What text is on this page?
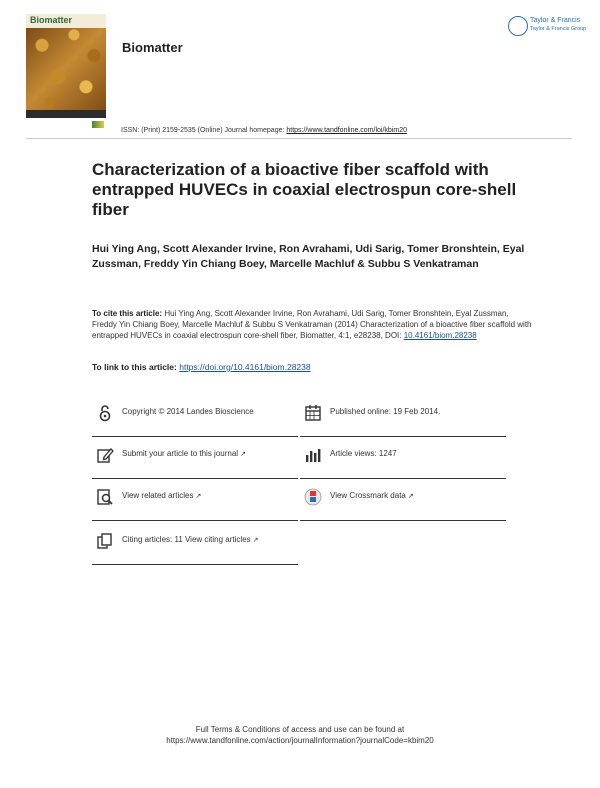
Biomatter
Biomatter
Taylor & Francis
Taylor & Francis Group
ISSN: (Print) 2159-2535 (Online) Journal homepage: https://www.tandfonline.com/loi/kbim20
Characterization of a bioactive fiber scaffold with entrapped HUVECs in coaxial electrospun core-shell fiber
Hui Ying Ang, Scott Alexander Irvine, Ron Avrahami, Udi Sarig, Tomer Bronshtein, Eyal Zussman, Freddy Yin Chiang Boey, Marcelle Machluf & Subbu S Venkatraman
To cite this article: Hui Ying Ang, Scott Alexander Irvine, Ron Avrahami, Udi Sarig, Tomer Bronshtein, Eyal Zussman, Freddy Yin Chiang Boey, Marcelle Machluf & Subbu S Venkatraman (2014) Characterization of a bioactive fiber scaffold with entrapped HUVECs in coaxial electrospun core-shell fiber, Biomatter, 4:1, e28238, DOI: 10.4161/biom.28238
To link to this article: https://doi.org/10.4161/biom.28238
Copyright © 2014 Landes Bioscience	Published online: 19 Feb 2014.
Submit your article to this journal ↗	Article views: 1247
View related articles ↗	View Crossmark data ↗
Citing articles: 11 View citing articles ↗
Full Terms & Conditions of access and use can be found at
https://www.tandfonline.com/action/journalInformation?journalCode=kbim20
